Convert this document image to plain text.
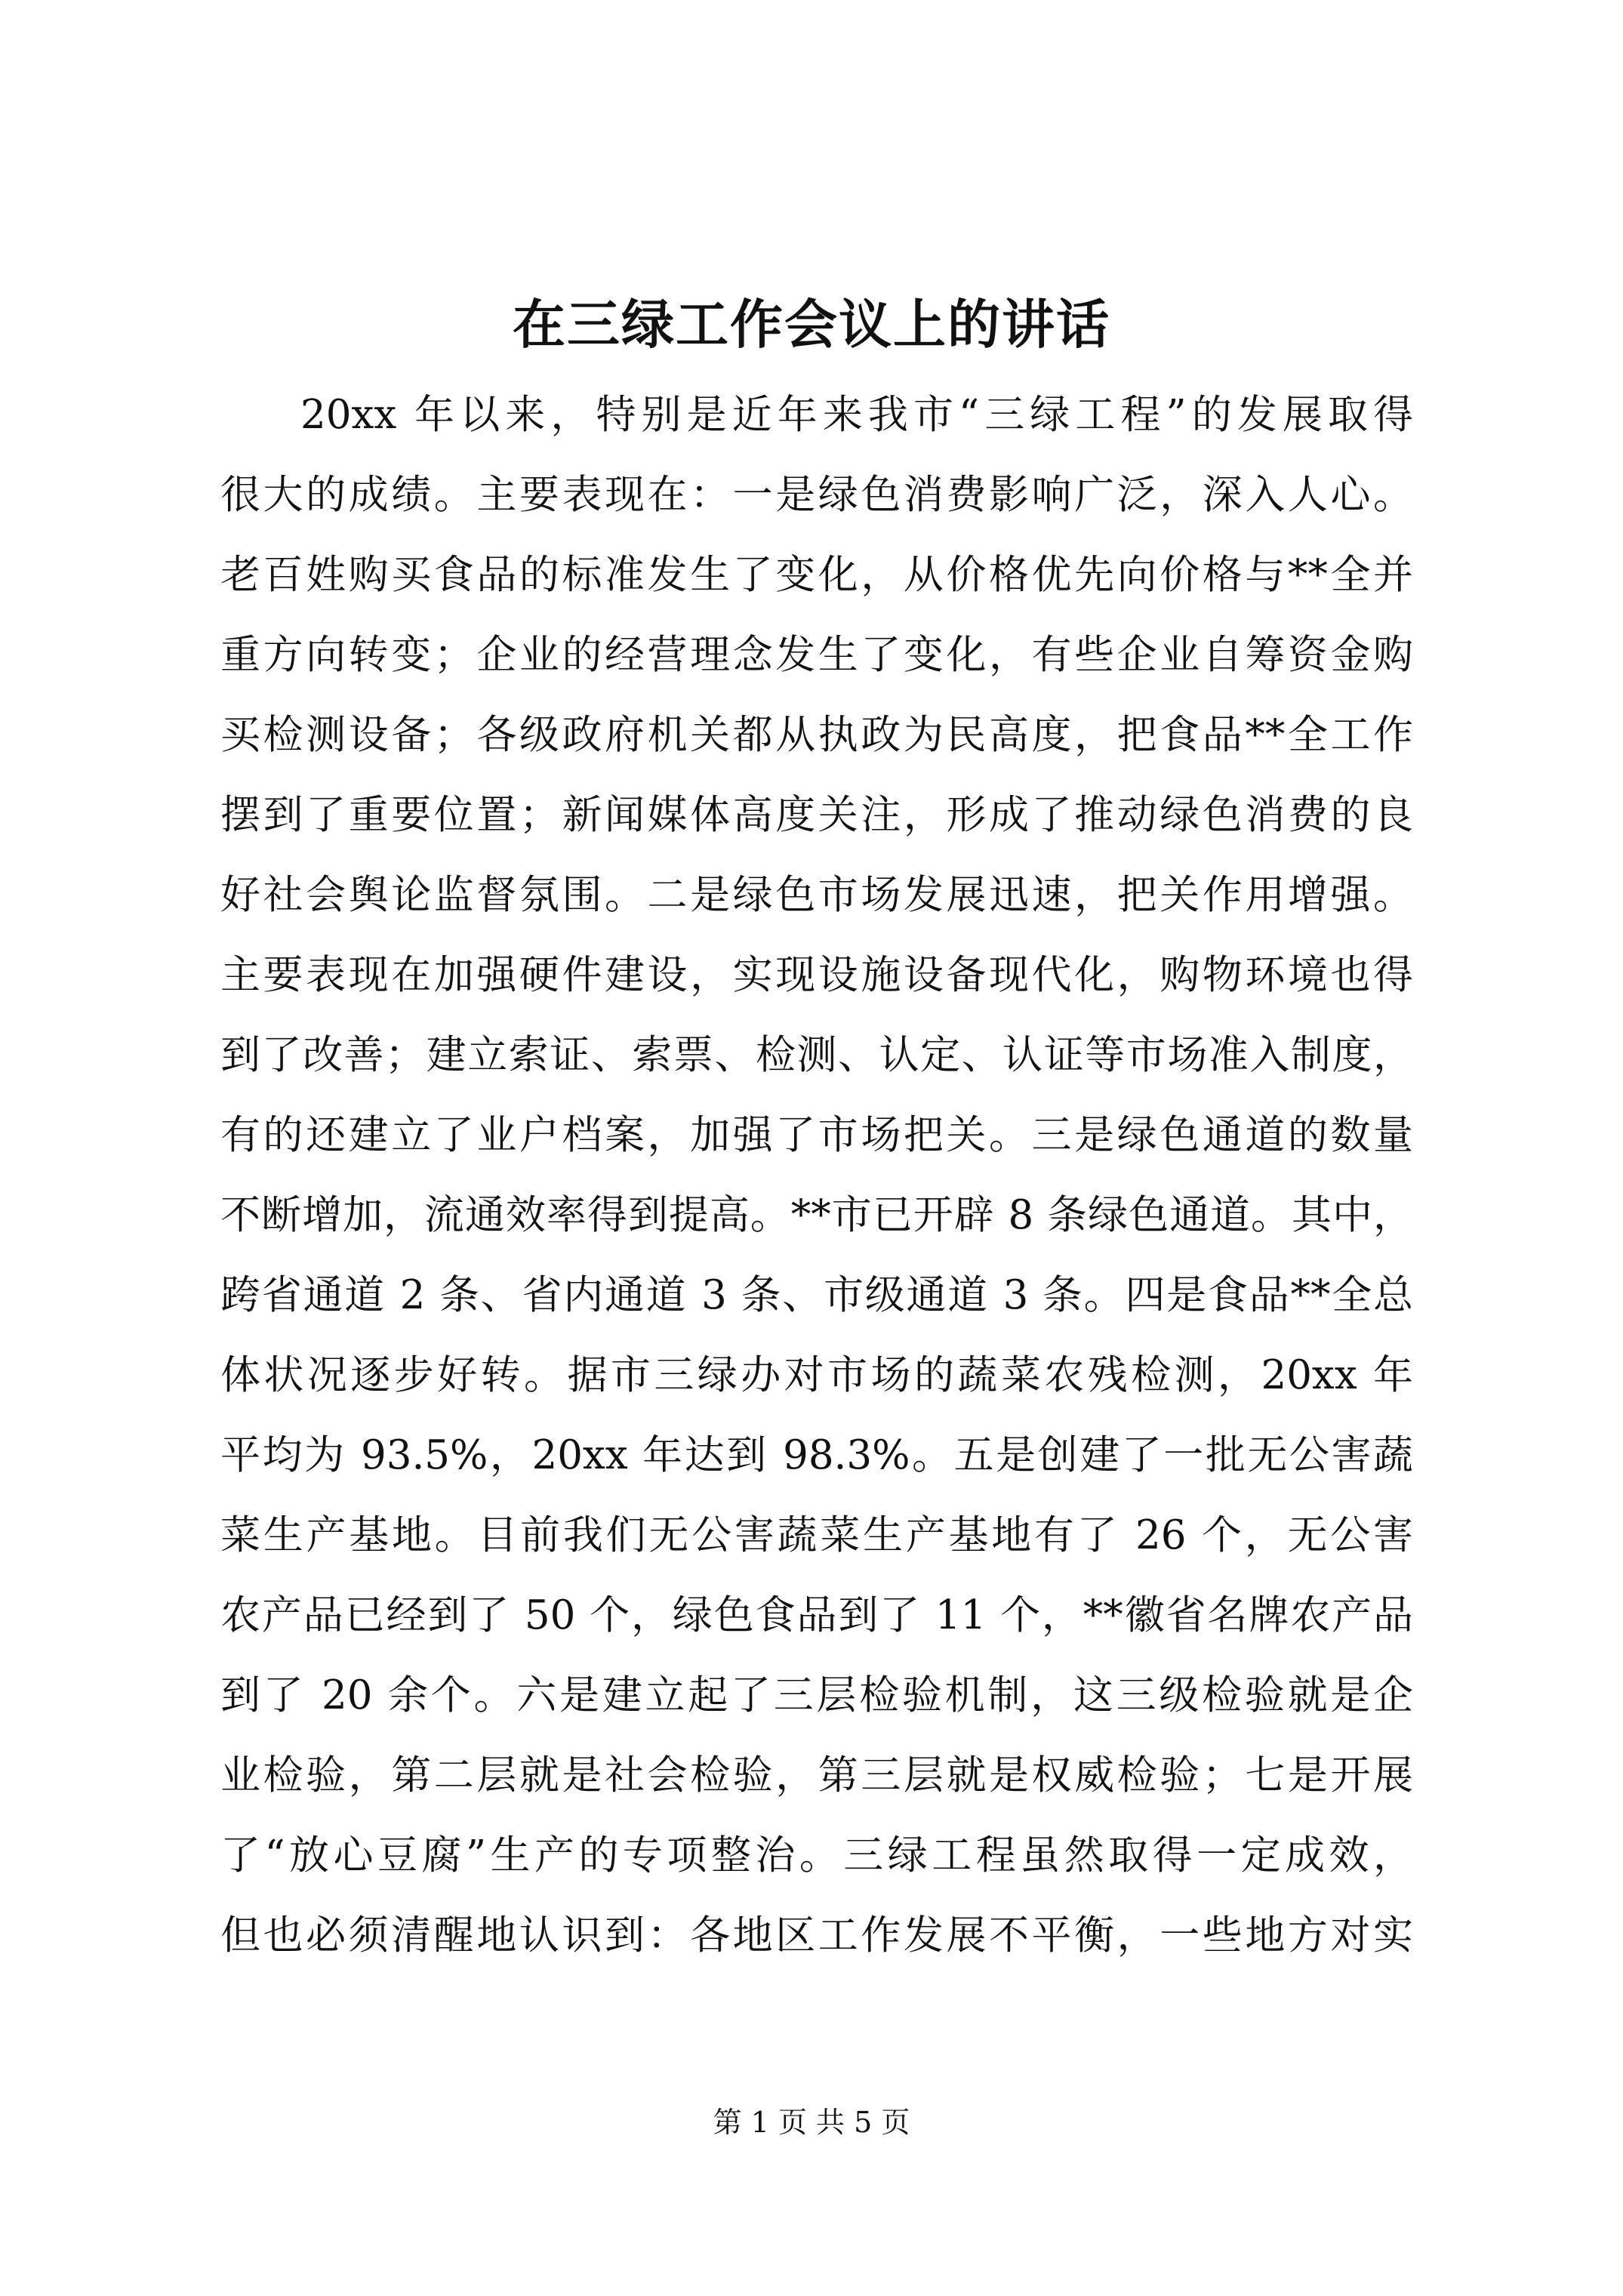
在三绿工作会议上的讲话
20xx 年以来，特别是近年来我市“三绿工程”的发展取得
很大的成绩。主要表现在：一是绿色消费影响广泛，深入人心。
老百姓购买食品的标准发生了变化，从价格优先向价格与**全并
重方向转变；企业的经营理念发生了变化，有些企业自筹资金购
买检测设备；各级政府机关都从执政为民高度，把食品**全工作
摆到了重要位置；新闻媒体高度关注，形成了推动绿色消费的良
好社会舆论监督氛围。二是绿色市场发展迅速，把关作用增强。
主要表现在加强硬件建设，实现设施设备现代化，购物环境也得
到了改善；建立索证、索票、检测、认定、认证等市场准入制度，
有的还建立了业户档案，加强了市场把关。三是绿色通道的数量
不断增加，流通效率得到提高。**市已开辟 8 条绿色通道。其中，
跨省通道 2 条、省内通道 3 条、市级通道 3 条。四是食品**全总
体状况逐步好转。据市三绿办对市场的蔬菜农残检测，20xx 年
平均为 93.5%，20xx 年达到 98.3%。五是创建了一批无公害蔬
菜生产基地。目前我们无公害蔬菜生产基地有了 26 个，无公害
农产品已经到了 50 个，绿色食品到了 11 个，**徽省名牌农产品
到了 20 余个。六是建立起了三层检验机制，这三级检验就是企
业检验，第二层就是社会检验，第三层就是权威检验；七是开展
了“放心豆腐”生产的专项整治。三绿工程虽然取得一定成效，
但也必须清醒地认识到：各地区工作发展不平衡，一些地方对实
第 1 页 共 5 页
